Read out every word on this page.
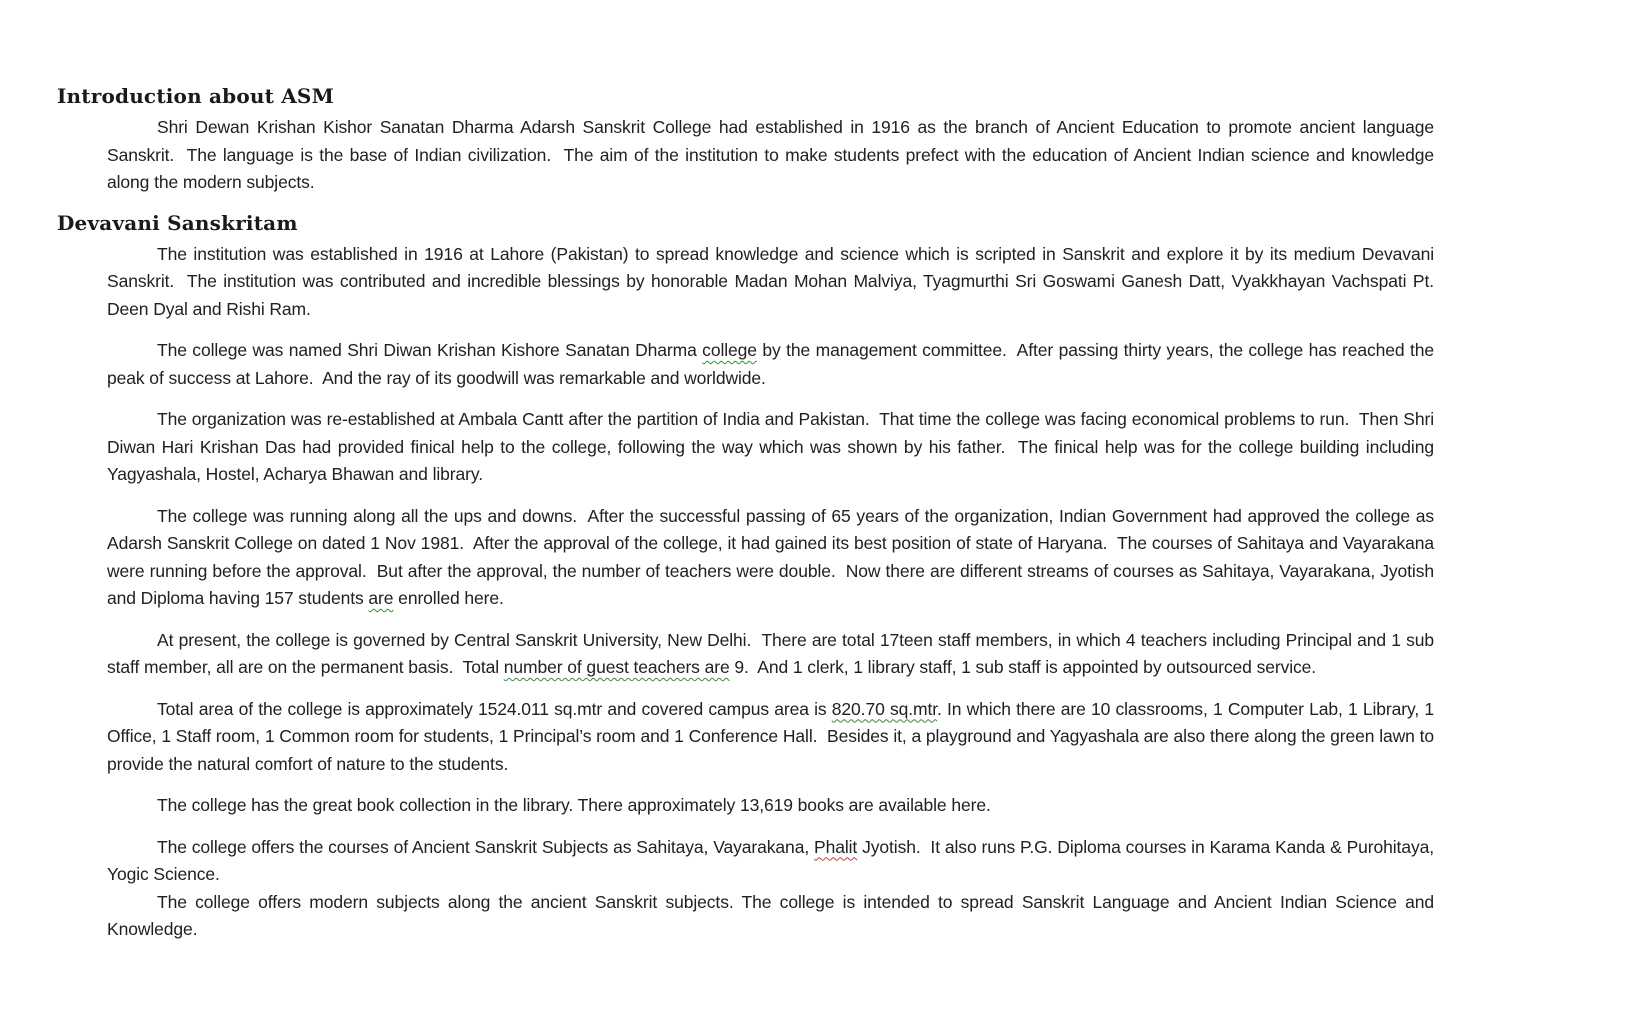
Introduction about ASM

Shri Dewan Krishan Kishor Sanatan Dharma Adarsh Sanskrit College had established in 1916 as the branch of Ancient Education to promote ancient language Sanskrit.  The language is the base of Indian civilization.  The aim of the institution to make students prefect with the education of Ancient Indian science and knowledge along the modern subjects.

Devavani Sanskritam

The institution was established in 1916 at Lahore (Pakistan) to spread knowledge and science which is scripted in Sanskrit and explore it by its medium Devavani Sanskrit.  The institution was contributed and incredible blessings by honorable Madan Mohan Malviya, Tyagmurthi Sri Goswami Ganesh Datt, Vyakkhayan Vachspati Pt. Deen Dyal and Rishi Ram.

The college was named Shri Diwan Krishan Kishore Sanatan Dharma college by the management committee.  After passing thirty years, the college has reached the peak of success at Lahore.  And the ray of its goodwill was remarkable and worldwide.

The organization was re-established at Ambala Cantt after the partition of India and Pakistan.  That time the college was facing economical problems to run.  Then Shri Diwan Hari Krishan Das had provided finical help to the college, following the way which was shown by his father.  The finical help was for the college building including Yagyashala, Hostel, Acharya Bhawan and library.

The college was running along all the ups and downs.  After the successful passing of 65 years of the organization, Indian Government had approved the college as Adarsh Sanskrit College on dated 1 Nov 1981.  After the approval of the college, it had gained its best position of state of Haryana.  The courses of Sahitaya and Vayarakana were running before the approval.  But after the approval, the number of teachers were double.  Now there are different streams of courses as Sahitaya, Vayarakana, Jyotish and Diploma having 157 students are enrolled here.

At present, the college is governed by Central Sanskrit University, New Delhi.  There are total 17teen staff members, in which 4 teachers including Principal and 1 sub staff member, all are on the permanent basis.  Total number of guest teachers are 9.  And 1 clerk, 1 library staff, 1 sub staff is appointed by outsourced service.

Total area of the college is approximately 1524.011 sq.mtr and covered campus area is 820.70 sq.mtr. In which there are 10 classrooms, 1 Computer Lab, 1 Library, 1 Office, 1 Staff room, 1 Common room for students, 1 Principal’s room and 1 Conference Hall.  Besides it, a playground and Yagyashala are also there along the green lawn to provide the natural comfort of nature to the students.

The college has the great book collection in the library. There approximately 13,619 books are available here.

The college offers the courses of Ancient Sanskrit Subjects as Sahitaya, Vayarakana, Phalit Jyotish.  It also runs P.G. Diploma courses in Karama Kanda & Purohitaya, Yogic Science.

The college offers modern subjects along the ancient Sanskrit subjects. The college is intended to spread Sanskrit Language and Ancient Indian Science and Knowledge.
